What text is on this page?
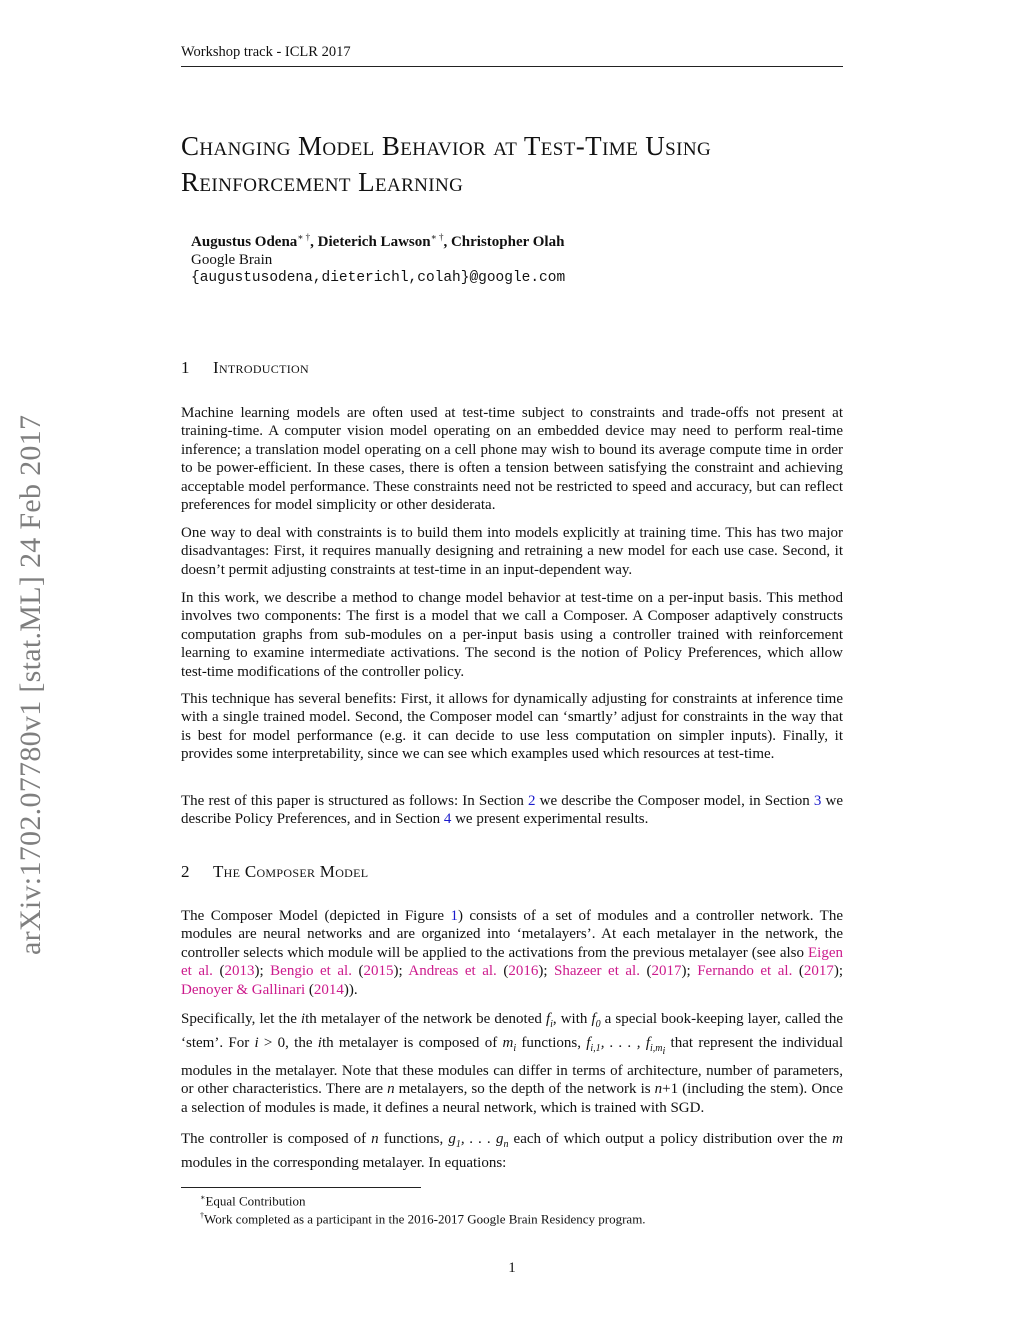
Workshop track - ICLR 2017
Changing Model Behavior at Test-Time Using
Reinforcement Learning
Augustus Odena∗ †, Dieterich Lawson∗ †, Christopher Olah
Google Brain
{augustusodena,dieterichl,colah}@google.com
arXiv:1702.07780v1 [stat.ML] 24 Feb 2017
1 Introduction
Machine learning models are often used at test-time subject to constraints and trade-offs not present at training-time. A computer vision model operating on an embedded device may need to perform real-time inference; a translation model operating on a cell phone may wish to bound its average compute time in order to be power-efficient. In these cases, there is often a tension between satisfying the constraint and achieving acceptable model performance. These constraints need not be restricted to speed and accuracy, but can reflect preferences for model simplicity or other desiderata.
One way to deal with constraints is to build them into models explicitly at training time. This has two major disadvantages: First, it requires manually designing and retraining a new model for each use case. Second, it doesn’t permit adjusting constraints at test-time in an input-dependent way.
In this work, we describe a method to change model behavior at test-time on a per-input basis. This method involves two components: The first is a model that we call a Composer. A Composer adaptively constructs computation graphs from sub-modules on a per-input basis using a controller trained with reinforcement learning to examine intermediate activations. The second is the notion of Policy Preferences, which allow test-time modifications of the controller policy.
This technique has several benefits: First, it allows for dynamically adjusting for constraints at inference time with a single trained model. Second, the Composer model can ‘smartly’ adjust for constraints in the way that is best for model performance (e.g. it can decide to use less computation on simpler inputs). Finally, it provides some interpretability, since we can see which examples used which resources at test-time.
The rest of this paper is structured as follows: In Section 2 we describe the Composer model, in Section 3 we describe Policy Preferences, and in Section 4 we present experimental results.
2 The Composer Model
The Composer Model (depicted in Figure 1) consists of a set of modules and a controller network. The modules are neural networks and are organized into ‘metalayers’. At each metalayer in the network, the controller selects which module will be applied to the activations from the previous metalayer (see also Eigen et al. (2013); Bengio et al. (2015); Andreas et al. (2016); Shazeer et al. (2017); Fernando et al. (2017); Denoyer & Gallinari (2014)).
Specifically, let the ith metalayer of the network be denoted $f_i$, with $f_0$ a special book-keeping layer, called the ‘stem’. For i > 0, the ith metalayer is composed of $m_i$ functions, $f_{i,1}$, . . . , $f_{i,m_i}$ that represent the individual modules in the metalayer. Note that these modules can differ in terms of architecture, number of parameters, or other characteristics. There are n metalayers, so the depth of the network is n+1 (including the stem). Once a selection of modules is made, it defines a neural network, which is trained with SGD.
The controller is composed of n functions, $g_1$, . . . $g_n$ each of which output a policy distribution over the m modules in the corresponding metalayer. In equations:
∗Equal Contribution
†Work completed as a participant in the 2016-2017 Google Brain Residency program.
1
